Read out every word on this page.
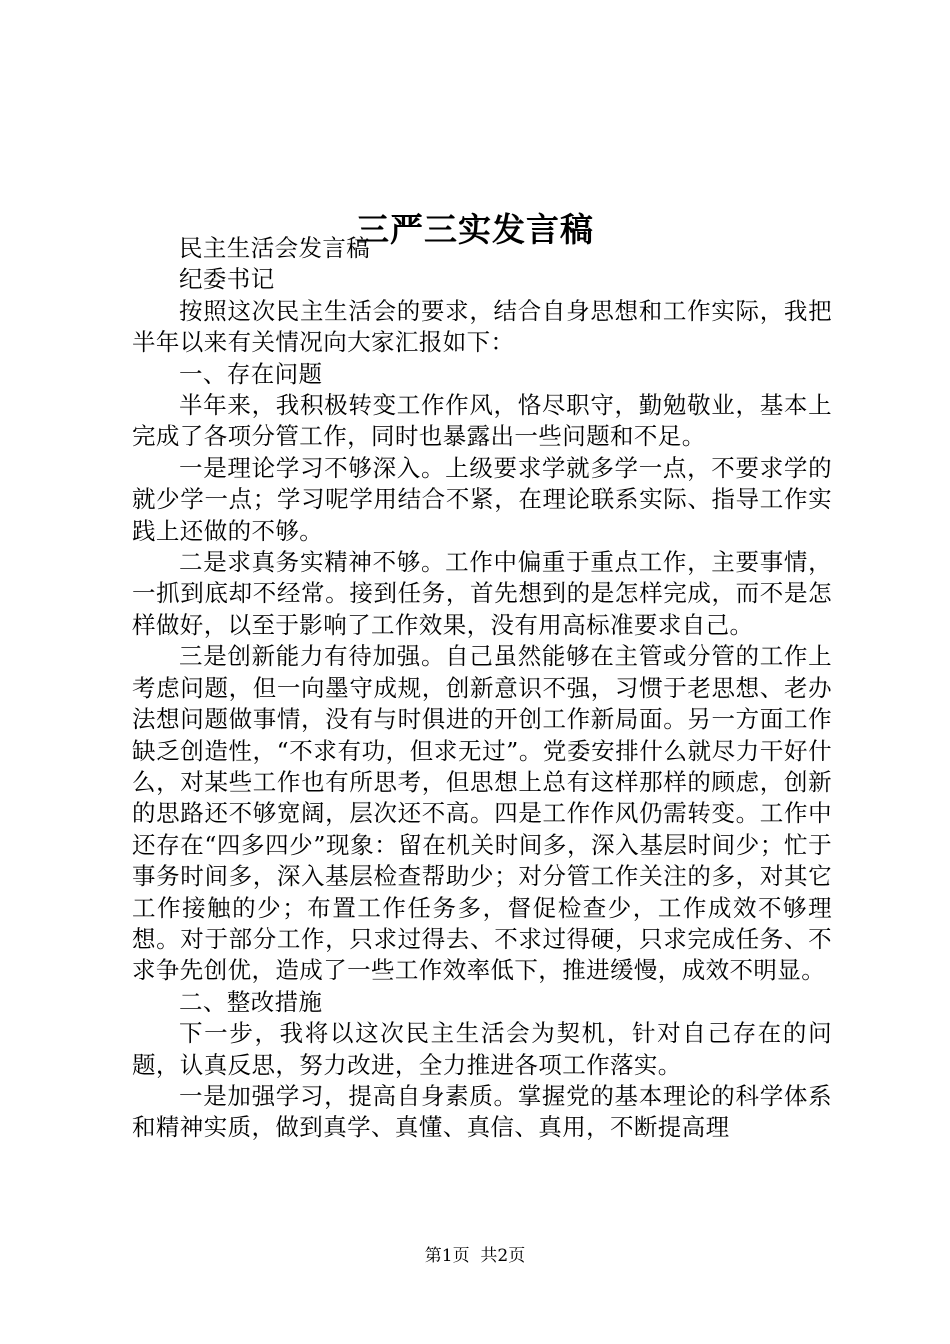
三严三实发言稿

民主生活会发言稿

纪委书记

按照这次民主生活会的要求，结合自身思想和工作实际，我把半年以来有关情况向大家汇报如下：

一、存在问题

半年来，我积极转变工作作风，恪尽职守，勤勉敬业，基本上完成了各项分管工作，同时也暴露出一些问题和不足。

一是理论学习不够深入。上级要求学就多学一点，不要求学的就少学一点；学习呢学用结合不紧，在理论联系实际、指导工作实践上还做的不够。

二是求真务实精神不够。工作中偏重于重点工作，主要事情，一抓到底却不经常。接到任务，首先想到的是怎样完成，而不是怎样做好，以至于影响了工作效果，没有用高标准要求自己。

三是创新能力有待加强。自己虽然能够在主管或分管的工作上考虑问题，但一向墨守成规，创新意识不强，习惯于老思想、老办法想问题做事情，没有与时俱进的开创工作新局面。另一方面工作缺乏创造性，“不求有功，但求无过”。党委安排什么就尽力干好什么，对某些工作也有所思考，但思想上总有这样那样的顾虑，创新的思路还不够宽阔，层次还不高。四是工作作风仍需转变。工作中还存在“四多四少”现象：留在机关时间多，深入基层时间少；忙于事务时间多，深入基层检查帮助少；对分管工作关注的多，对其它工作接触的少；布置工作任务多，督促检查少，工作成效不够理想。对于部分工作，只求过得去、不求过得硬，只求完成任务、不求争先创优，造成了一些工作效率低下，推进缓慢，成效不明显。

二、整改措施

下一步，我将以这次民主生活会为契机，针对自己存在的问题，认真反思，努力改进，全力推进各项工作落实。

一是加强学习，提高自身素质。掌握党的基本理论的科学体系和精神实质，做到真学、真懂、真信、真用，不断提高理

第1页  共2页
